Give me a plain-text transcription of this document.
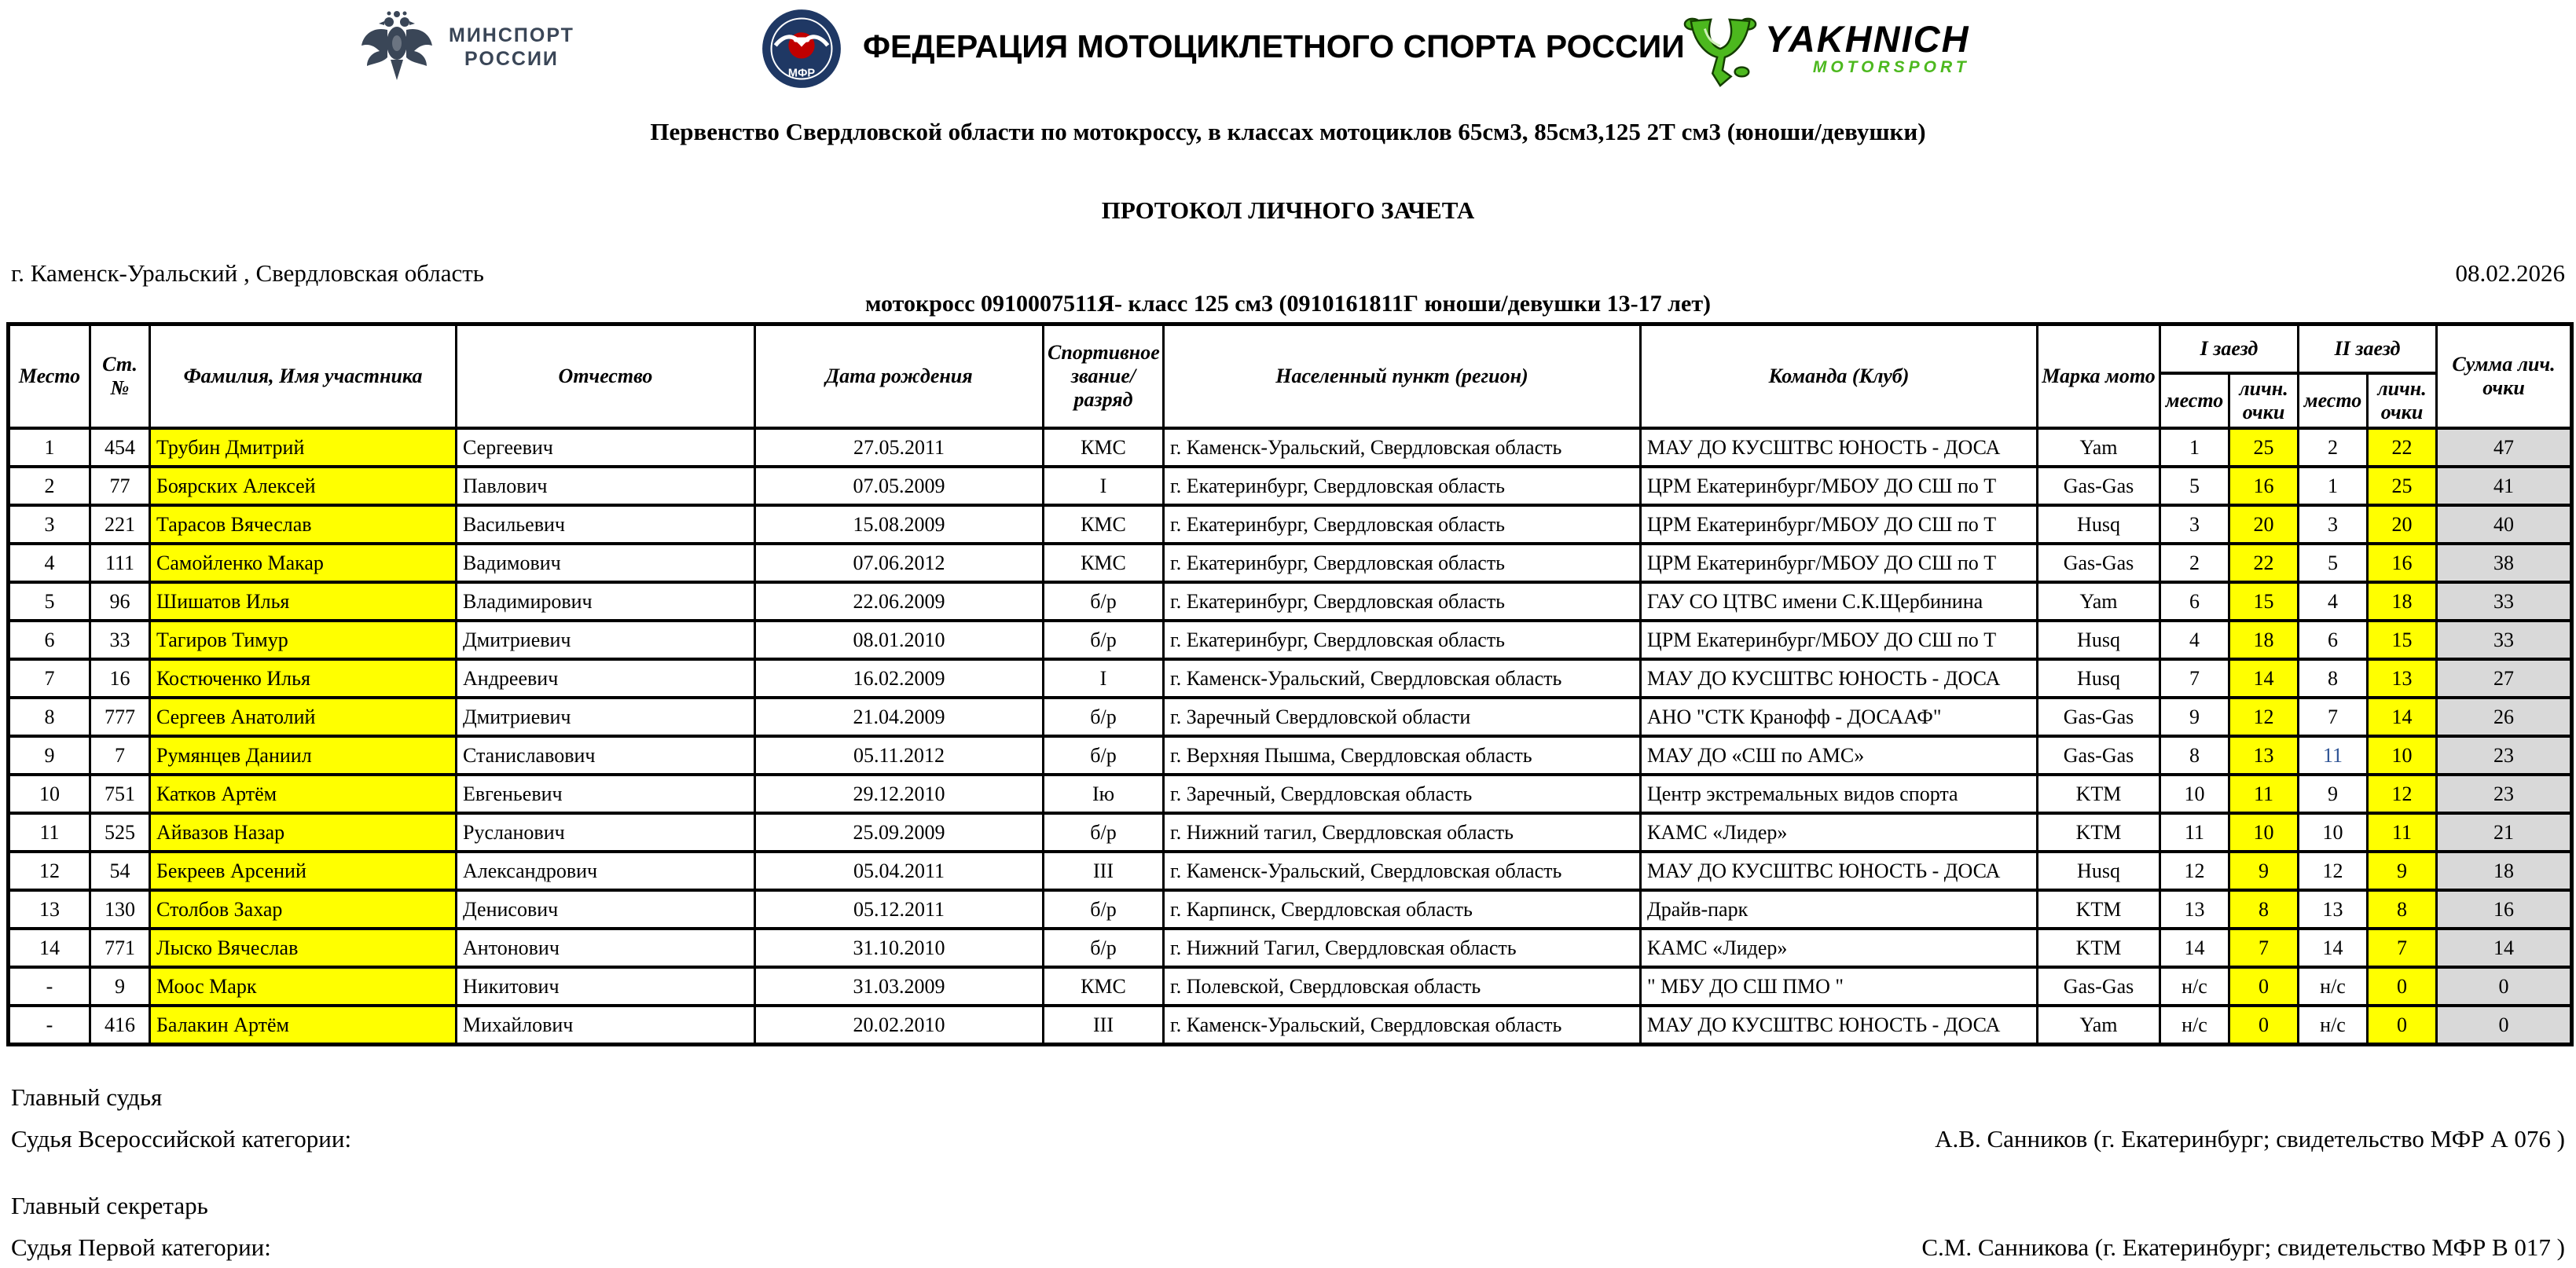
МИНСПОРТ
РОССИИ
МФР
ФЕДЕРАЦИЯ МОТОЦИКЛЕТНОГО СПОРТА РОССИИ YAKHNICH
MOTORSPORT
Первенство Свердловской области по мотокроссу, в классах мотоциклов 65см3, 85см3,125 2Т см3 (юноши/девушки)
ПРОТОКОЛ ЛИЧНОГО ЗАЧЕТА
г. Каменск-Уральский , Свердловская область	08.02.2026
мотокросс 0910007511Я- класс 125 см3 (0910161811Г юноши/девушки 13-17 лет)
Место	Ст. №	Фамилия, Имя участника	Отчество	Дата рождения	Спортивное звание/разряд	Населенный пункт (регион)	Команда (Клуб)	Марка мото	I заезд		II заезд		Сумма лич. очки
									место	личн. очки	место	личн. очки	
1	454	Трубин Дмитрий	Сергеевич	27.05.2011	КМС	г. Каменск-Уральский, Свердловская область	МАУ ДО КУСШТВС ЮНОСТЬ - ДОСА	Yam	1	25	2	22	47
2	77	Боярских Алексей	Павлович	07.05.2009	I	г. Екатеринбург, Свердловская область	ЦРМ Екатеринбург/МБОУ ДО СШ по Т	Gas-Gas	5	16	1	25	41
3	221	Тарасов Вячеслав	Васильевич	15.08.2009	КМС	г. Екатеринбург, Свердловская область	ЦРМ Екатеринбург/МБОУ ДО СШ по Т	Husq	3	20	3	20	40
4	111	Самойленко Макар	Вадимович	07.06.2012	КМС	г. Екатеринбург, Свердловская область	ЦРМ Екатеринбург/МБОУ ДО СШ по Т	Gas-Gas	2	22	5	16	38
5	96	Шишатов Илья	Владимирович	22.06.2009	б/р	г. Екатеринбург, Свердловская область	ГАУ СО ЦТВС имени С.К.Щербинина	Yam	6	15	4	18	33
6	33	Тагиров Тимур	Дмитриевич	08.01.2010	б/р	г. Екатеринбург, Свердловская область	ЦРМ Екатеринбург/МБОУ ДО СШ по Т	Husq	4	18	6	15	33
7	16	Костюченко Илья	Андреевич	16.02.2009	I	г. Каменск-Уральский, Свердловская область	МАУ ДО КУСШТВС ЮНОСТЬ - ДОСА	Husq	7	14	8	13	27
8	777	Сергеев Анатолий	Дмитриевич	21.04.2009	б/р	г. Заречный Свердловской области	АНО "СТК Кранофф - ДОСААФ"	Gas-Gas	9	12	7	14	26
9	7	Румянцев Даниил	Станиславович	05.11.2012	б/р	г. Верхняя Пышма, Свердловская область	МАУ ДО «СШ по АМС»	Gas-Gas	8	13	11	10	23
10	751	Катков Артём	Евгеньевич	29.12.2010	Iю	г. Заречный, Свердловская область	Центр экстремальных видов спорта	KTM	10	11	9	12	23
11	525	Айвазов Назар	Русланович	25.09.2009	б/р	г. Нижний тагил, Свердловская область	КАМС «Лидер»	KTM	11	10	10	11	21
12	54	Бекреев Арсений	Александрович	05.04.2011	III	г. Каменск-Уральский, Свердловская область	МАУ ДО КУСШТВС ЮНОСТЬ - ДОСА	Husq	12	9	12	9	18
13	130	Столбов Захар	Денисович	05.12.2011	б/р	г. Карпинск, Свердловская область	Драйв-парк	KTM	13	8	13	8	16
14	771	Лыско Вячеслав	Антонович	31.10.2010	б/р	г. Нижний Тагил, Свердловская область	КАМС «Лидер»	KTM	14	7	14	7	14
-	9	Моос Марк	Никитович	31.03.2009	КМС	г. Полевской, Свердловская область	" МБУ ДО СШ ПМО "	Gas-Gas	н/с	0	н/с	0	0
-	416	Балакин Артём	Михайлович	20.02.2010	III	г. Каменск-Уральский, Свердловская область	МАУ ДО КУСШТВС ЮНОСТЬ - ДОСА	Yam	н/с	0	н/с	0	0
Главный судья
Судья Всероссийской категории:	А.В. Санников (г. Екатеринбург; свидетельство МФР А 076 )
Главный секретарь
Судья Первой категории:	С.М. Санникова (г. Екатеринбург; свидетельство МФР В 017 )
